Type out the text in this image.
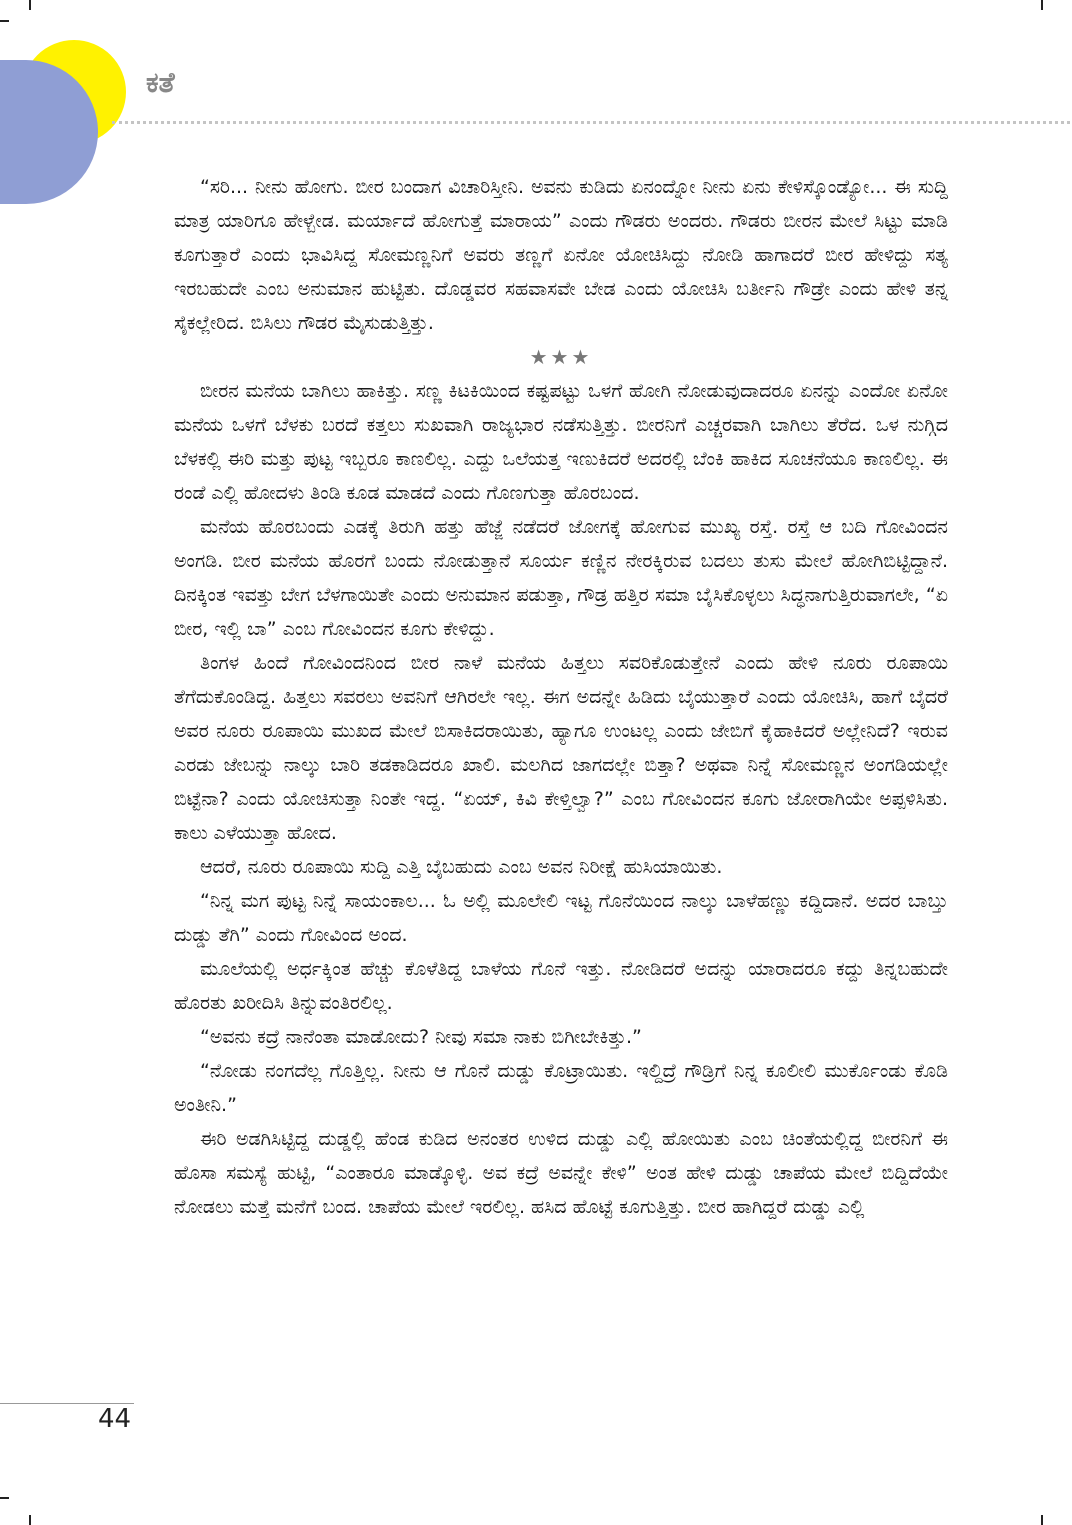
ಕತೆ

“ಸರಿ... ನೀನು ಹೋಗು. ಬೀರ ಬಂದಾಗ ವಿಚಾರಿಸ್ತೀನಿ. ಅವನು ಕುಡಿದು ಏನಂದ್ನೋ ನೀನು ಏನು ಕೇಳಿಸ್ಕೊಂಡ್ಯೋ... ಈ ಸುದ್ದಿ ಮಾತ್ರ ಯಾರಿಗೂ ಹೇಳ್ಬೇಡ. ಮರ್ಯಾದೆ ಹೋಗುತ್ತೆ ಮಾರಾಯ” ಎಂದು ಗೌಡರು ಅಂದರು. ಗೌಡರು ಬೀರನ ಮೇಲೆ ಸಿಟ್ಟು ಮಾಡಿ ಕೂಗುತ್ತಾರೆ ಎಂದು ಭಾವಿಸಿದ್ದ ಸೋಮಣ್ಣನಿಗೆ ಅವರು ತಣ್ಣಗೆ ಏನೋ ಯೋಚಿಸಿದ್ದು ನೋಡಿ ಹಾಗಾದರೆ ಬೀರ ಹೇಳಿದ್ದು ಸತ್ಯ ಇರಬಹುದೇ ಎಂಬ ಅನುಮಾನ ಹುಟ್ಟಿತು. ದೊಡ್ಡವರ ಸಹವಾಸವೇ ಬೇಡ ಎಂದು ಯೋಚಿಸಿ ಬರ್ತೀನಿ ಗೌಡ್ರೇ ಎಂದು ಹೇಳಿ ತನ್ನ ಸೈಕಲ್ಲೇರಿದ. ಬಿಸಿಲು ಗೌಡರ ಮೈಸುಡುತ್ತಿತ್ತು.

★★★

ಬೀರನ ಮನೆಯ ಬಾಗಿಲು ಹಾಕಿತ್ತು. ಸಣ್ಣ ಕಿಟಕಿಯಿಂದ ಕಷ್ಟಪಟ್ಟು ಒಳಗೆ ಹೋಗಿ ನೋಡುವುದಾದರೂ ಏನನ್ನು ಎಂದೋ ಏನೋ ಮನೆಯ ಒಳಗೆ ಬೆಳಕು ಬರದೆ ಕತ್ತಲು ಸುಖವಾಗಿ ರಾಜ್ಯಭಾರ ನಡೆಸುತ್ತಿತ್ತು. ಬೀರನಿಗೆ ಎಚ್ಚರವಾಗಿ ಬಾಗಿಲು ತೆರೆದ. ಒಳ ನುಗ್ಗಿದ ಬೆಳಕಲ್ಲಿ ಈರಿ ಮತ್ತು ಪುಟ್ಟ ಇಬ್ಬರೂ ಕಾಣಲಿಲ್ಲ. ಎದ್ದು ಒಲೆಯತ್ತ ಇಣುಕಿದರೆ ಅದರಲ್ಲಿ ಬೆಂಕಿ ಹಾಕಿದ ಸೂಚನೆಯೂ ಕಾಣಲಿಲ್ಲ. ಈ ರಂಡೆ ಎಲ್ಲಿ ಹೋದಳು ತಿಂಡಿ ಕೂಡ ಮಾಡದೆ ಎಂದು ಗೊಣಗುತ್ತಾ ಹೊರಬಂದ.

ಮನೆಯ ಹೊರಬಂದು ಎಡಕ್ಕೆ ತಿರುಗಿ ಹತ್ತು ಹೆಜ್ಜೆ ನಡೆದರೆ ಜೋಗಕ್ಕೆ ಹೋಗುವ ಮುಖ್ಯ ರಸ್ತೆ. ರಸ್ತೆ ಆ ಬದಿ ಗೋವಿಂದನ ಅಂಗಡಿ. ಬೀರ ಮನೆಯ ಹೊರಗೆ ಬಂದು ನೋಡುತ್ತಾನೆ ಸೂರ್ಯ ಕಣ್ಣಿನ ನೇರಕ್ಕಿರುವ ಬದಲು ತುಸು ಮೇಲೆ ಹೋಗಿಬಿಟ್ಟಿದ್ದಾನೆ. ದಿನಕ್ಕಿಂತ ಇವತ್ತು ಬೇಗ ಬೆಳಗಾಯಿತೇ ಎಂದು ಅನುಮಾನ ಪಡುತ್ತಾ, ಗೌಡ್ರ ಹತ್ತಿರ ಸಮಾ ಬೈಸಿಕೊಳ್ಳಲು ಸಿದ್ಧನಾಗುತ್ತಿರುವಾಗಲೇ, “ಏ ಬೀರ, ಇಲ್ಲಿ ಬಾ” ಎಂಬ ಗೋವಿಂದನ ಕೂಗು ಕೇಳಿದ್ದು.

ತಿಂಗಳ ಹಿಂದೆ ಗೋವಿಂದನಿಂದ ಬೀರ ನಾಳೆ ಮನೆಯ ಹಿತ್ತಲು ಸವರಿಕೊಡುತ್ತೇನೆ ಎಂದು ಹೇಳಿ ನೂರು ರೂಪಾಯಿ ತೆಗೆದುಕೊಂಡಿದ್ದ. ಹಿತ್ತಲು ಸವರಲು ಅವನಿಗೆ ಆಗಿರಲೇ ಇಲ್ಲ. ಈಗ ಅದನ್ನೇ ಹಿಡಿದು ಬೈಯುತ್ತಾರೆ ಎಂದು ಯೋಚಿಸಿ, ಹಾಗೆ ಬೈದರೆ ಅವರ ನೂರು ರೂಪಾಯಿ ಮುಖದ ಮೇಲೆ ಬಿಸಾಕಿದರಾಯಿತು, ಹ್ಯಾಗೂ ಉಂಟಲ್ಲ ಎಂದು ಜೇಬಿಗೆ ಕೈಹಾಕಿದರೆ ಅಲ್ಲೇನಿದೆ? ಇರುವ ಎರಡು ಜೇಬನ್ನು ನಾಲ್ಕು ಬಾರಿ ತಡಕಾಡಿದರೂ ಖಾಲಿ. ಮಲಗಿದ ಜಾಗದಲ್ಲೇ ಬಿತ್ತಾ? ಅಥವಾ ನಿನ್ನೆ ಸೋಮಣ್ಣನ ಅಂಗಡಿಯಲ್ಲೇ ಬಿಟ್ಟೆನಾ? ಎಂದು ಯೋಚಿಸುತ್ತಾ ನಿಂತೇ ಇದ್ದ. “ಏಯ್, ಕಿವಿ ಕೇಳ್ತಿಲ್ವಾ?” ಎಂಬ ಗೋವಿಂದನ ಕೂಗು ಜೋರಾಗಿಯೇ ಅಪ್ಪಳಿಸಿತು. ಕಾಲು ಎಳೆಯುತ್ತಾ ಹೋದ.

ಆದರೆ, ನೂರು ರೂಪಾಯಿ ಸುದ್ದಿ ಎತ್ತಿ ಬೈಬಹುದು ಎಂಬ ಅವನ ನಿರೀಕ್ಷೆ ಹುಸಿಯಾಯಿತು.

“ನಿನ್ನ ಮಗ ಪುಟ್ಟ ನಿನ್ನೆ ಸಾಯಂಕಾಲ... ಓ ಅಲ್ಲಿ ಮೂಲೇಲಿ ಇಟ್ಟ ಗೊನೆಯಿಂದ ನಾಲ್ಕು ಬಾಳೆಹಣ್ಣು ಕದ್ದಿದಾನೆ. ಅದರ ಬಾಬ್ತು ದುಡ್ಡು ತೆಗಿ” ಎಂದು ಗೋವಿಂದ ಅಂದ.

ಮೂಲೆಯಲ್ಲಿ ಅರ್ಧಕ್ಕಿಂತ ಹೆಚ್ಚು ಕೊಳೆತಿದ್ದ ಬಾಳೆಯ ಗೊನೆ ಇತ್ತು. ನೋಡಿದರೆ ಅದನ್ನು ಯಾರಾದರೂ ಕದ್ದು ತಿನ್ನಬಹುದೇ ಹೊರತು ಖರೀದಿಸಿ ತಿನ್ನುವಂತಿರಲಿಲ್ಲ.

“ಅವನು ಕದ್ರೆ ನಾನೆಂತಾ ಮಾಡೋದು? ನೀವು ಸಮಾ ನಾಕು ಬಿಗೀಬೇಕಿತ್ತು.”

“ನೋಡು ನಂಗದೆಲ್ಲ ಗೊತ್ತಿಲ್ಲ. ನೀನು ಆ ಗೊನೆ ದುಡ್ಡು ಕೊಟ್ರಾಯಿತು. ಇಲ್ದಿದ್ರೆ ಗೌಡ್ರಿಗೆ ನಿನ್ನ ಕೂಲೀಲಿ ಮುರ್ಕೊಂಡು ಕೊಡಿ ಅಂತೀನಿ.”

ಈರಿ ಅಡಗಿಸಿಟ್ಟಿದ್ದ ದುಡ್ಡಲ್ಲಿ ಹೆಂಡ ಕುಡಿದ ಅನಂತರ ಉಳಿದ ದುಡ್ಡು ಎಲ್ಲಿ ಹೋಯಿತು ಎಂಬ ಚಿಂತೆಯಲ್ಲಿದ್ದ ಬೀರನಿಗೆ ಈ ಹೊಸಾ ಸಮಸ್ಯೆ ಹುಟ್ಟಿ, “ಎಂತಾರೂ ಮಾಡ್ಕೊಳ್ಳಿ. ಅವ ಕದ್ರೆ ಅವನ್ನೇ ಕೇಳಿ” ಅಂತ ಹೇಳಿ ದುಡ್ಡು ಚಾಪೆಯ ಮೇಲೆ ಬಿದ್ದಿದೆಯೇ ನೋಡಲು ಮತ್ತೆ ಮನೆಗೆ ಬಂದ. ಚಾಪೆಯ ಮೇಲೆ ಇರಲಿಲ್ಲ. ಹಸಿದ ಹೊಟ್ಟೆ ಕೂಗುತ್ತಿತ್ತು. ಬೀರ ಹಾಗಿದ್ದರೆ ದುಡ್ಡು ಎಲ್ಲಿ

44
